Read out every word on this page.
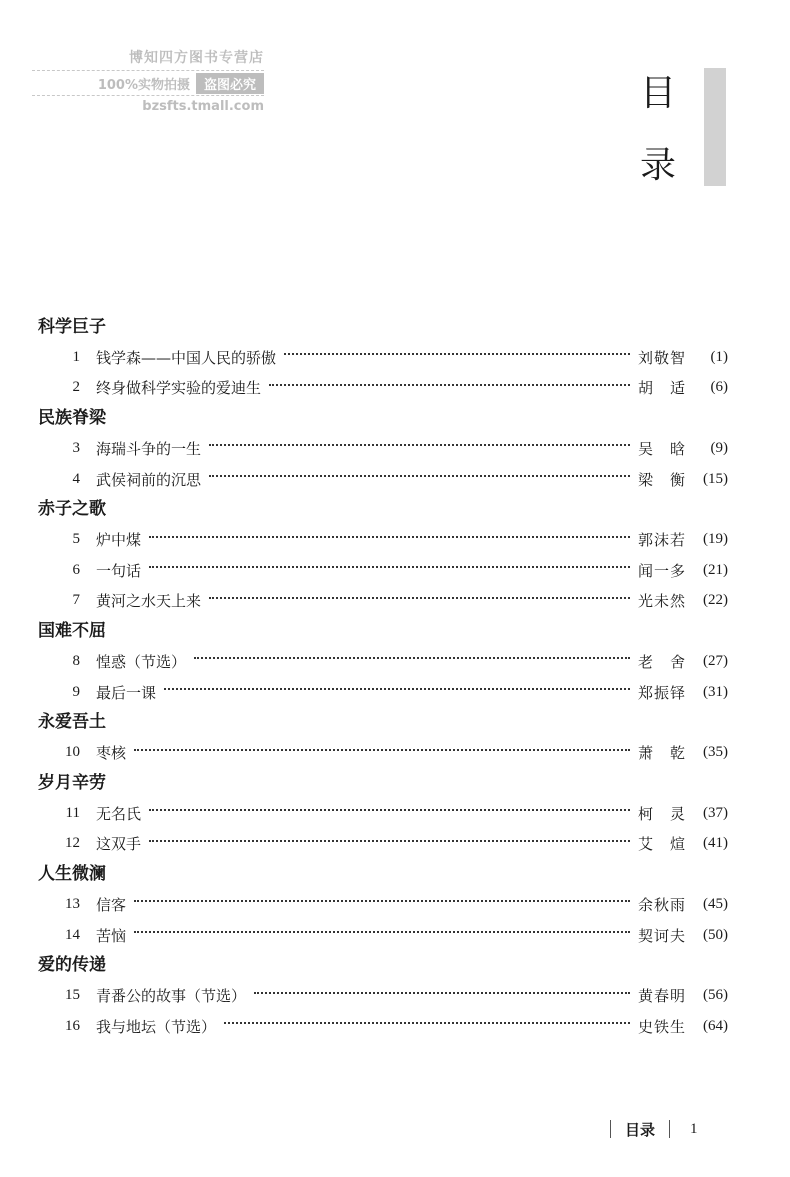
博知四方图书专营店
100%实物拍摄	盗图必究
bzsfts.tmall.com	目
录
科学巨子
1	钱学森——中国人民的骄傲	刘敬智	(1)
2	终身做科学实验的爱迪生	胡　适	(6)
民族脊梁
3	海瑞斗争的一生	吴　晗	(9)
4	武侯祠前的沉思	梁　衡	(15)
赤子之歌
5	炉中煤	郭沫若	(19)
6	一句话	闻一多	(21)
7	黄河之水天上来	光未然	(22)
国难不屈
8	惶惑（节选）	老　舍	(27)
9	最后一课	郑振铎	(31)
永爱吾土
10	枣核	萧　乾	(35)
岁月辛劳
11	无名氏	柯　灵	(37)
12	这双手	艾　煊	(41)
人生微澜
13	信客	余秋雨	(45)
14	苦恼	契诃夫	(50)
爱的传递
15	青番公的故事（节选）	黄春明	(56)
16	我与地坛（节选）	史铁生	(64)
目录	1
